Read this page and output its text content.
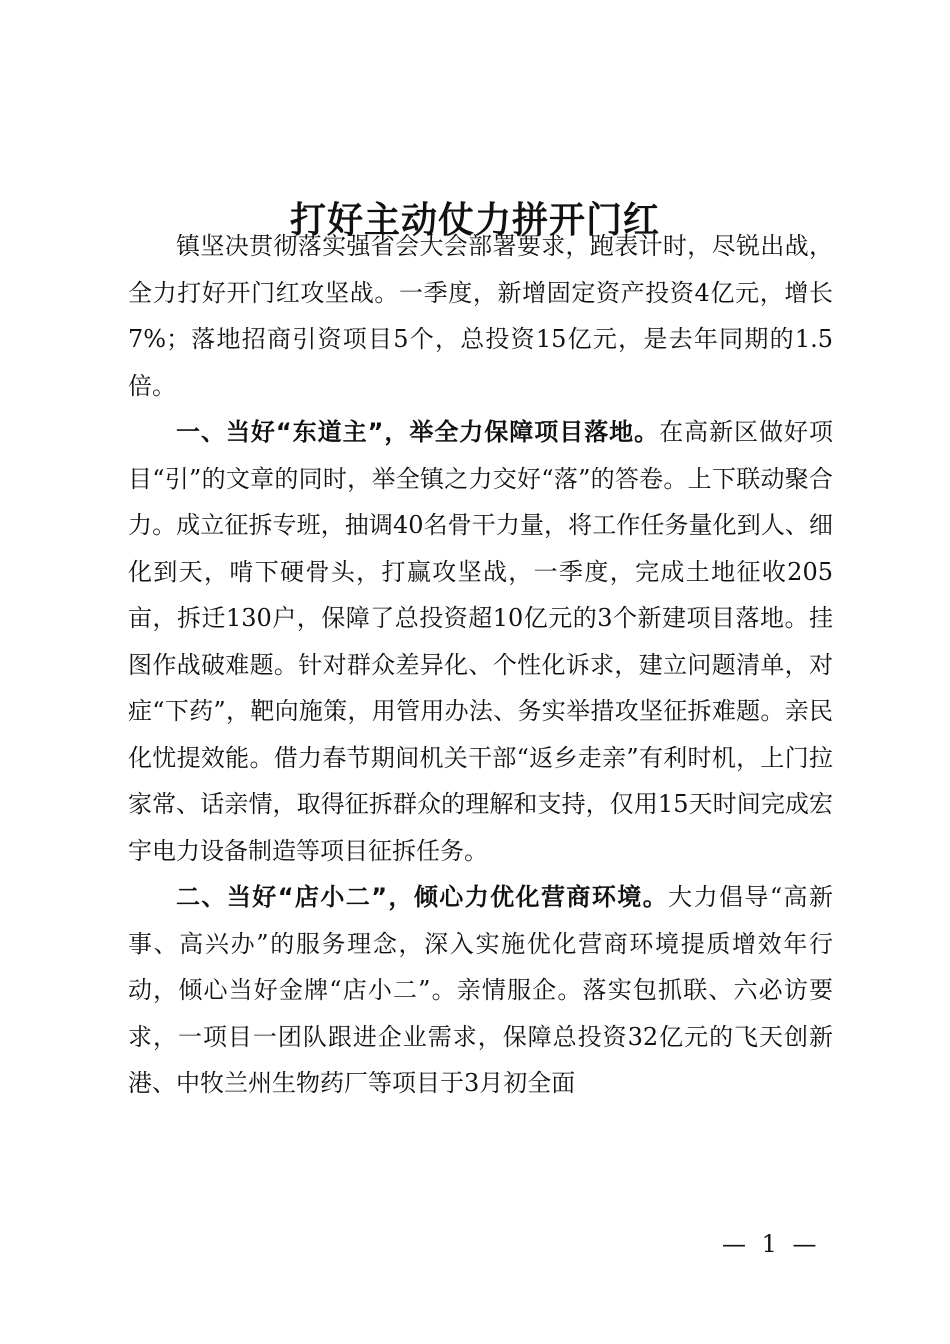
打好主动仗力拼开门红

镇坚决贯彻落实强省会大会部署要求，跑表计时，尽锐出战，全力打好开门红攻坚战。一季度，新增固定资产投资4亿元，增长7%；落地招商引资项目5个，总投资15亿元，是去年同期的1.5倍。

一、当好“东道主”，举全力保障项目落地。在高新区做好项目“引”的文章的同时，举全镇之力交好“落”的答卷。上下联动聚合力。成立征拆专班，抽调40名骨干力量，将工作任务量化到人、细化到天，啃下硬骨头，打赢攻坚战，一季度，完成土地征收205亩，拆迁130户，保障了总投资超10亿元的3个新建项目落地。挂图作战破难题。针对群众差异化、个性化诉求，建立问题清单，对症“下药”，靶向施策，用管用办法、务实举措攻坚征拆难题。亲民化忧提效能。借力春节期间机关干部“返乡走亲”有利时机，上门拉家常、话亲情，取得征拆群众的理解和支持，仅用15天时间完成宏宇电力设备制造等项目征拆任务。

二、当好“店小二”，倾心力优化营商环境。大力倡导“高新事、高兴办”的服务理念，深入实施优化营商环境提质增效年行动，倾心当好金牌“店小二”。亲情服企。落实包抓联、六必访要求，一项目一团队跟进企业需求，保障总投资32亿元的飞天创新港、中牧兰州生物药厂等项目于3月初全面

— 1 —
